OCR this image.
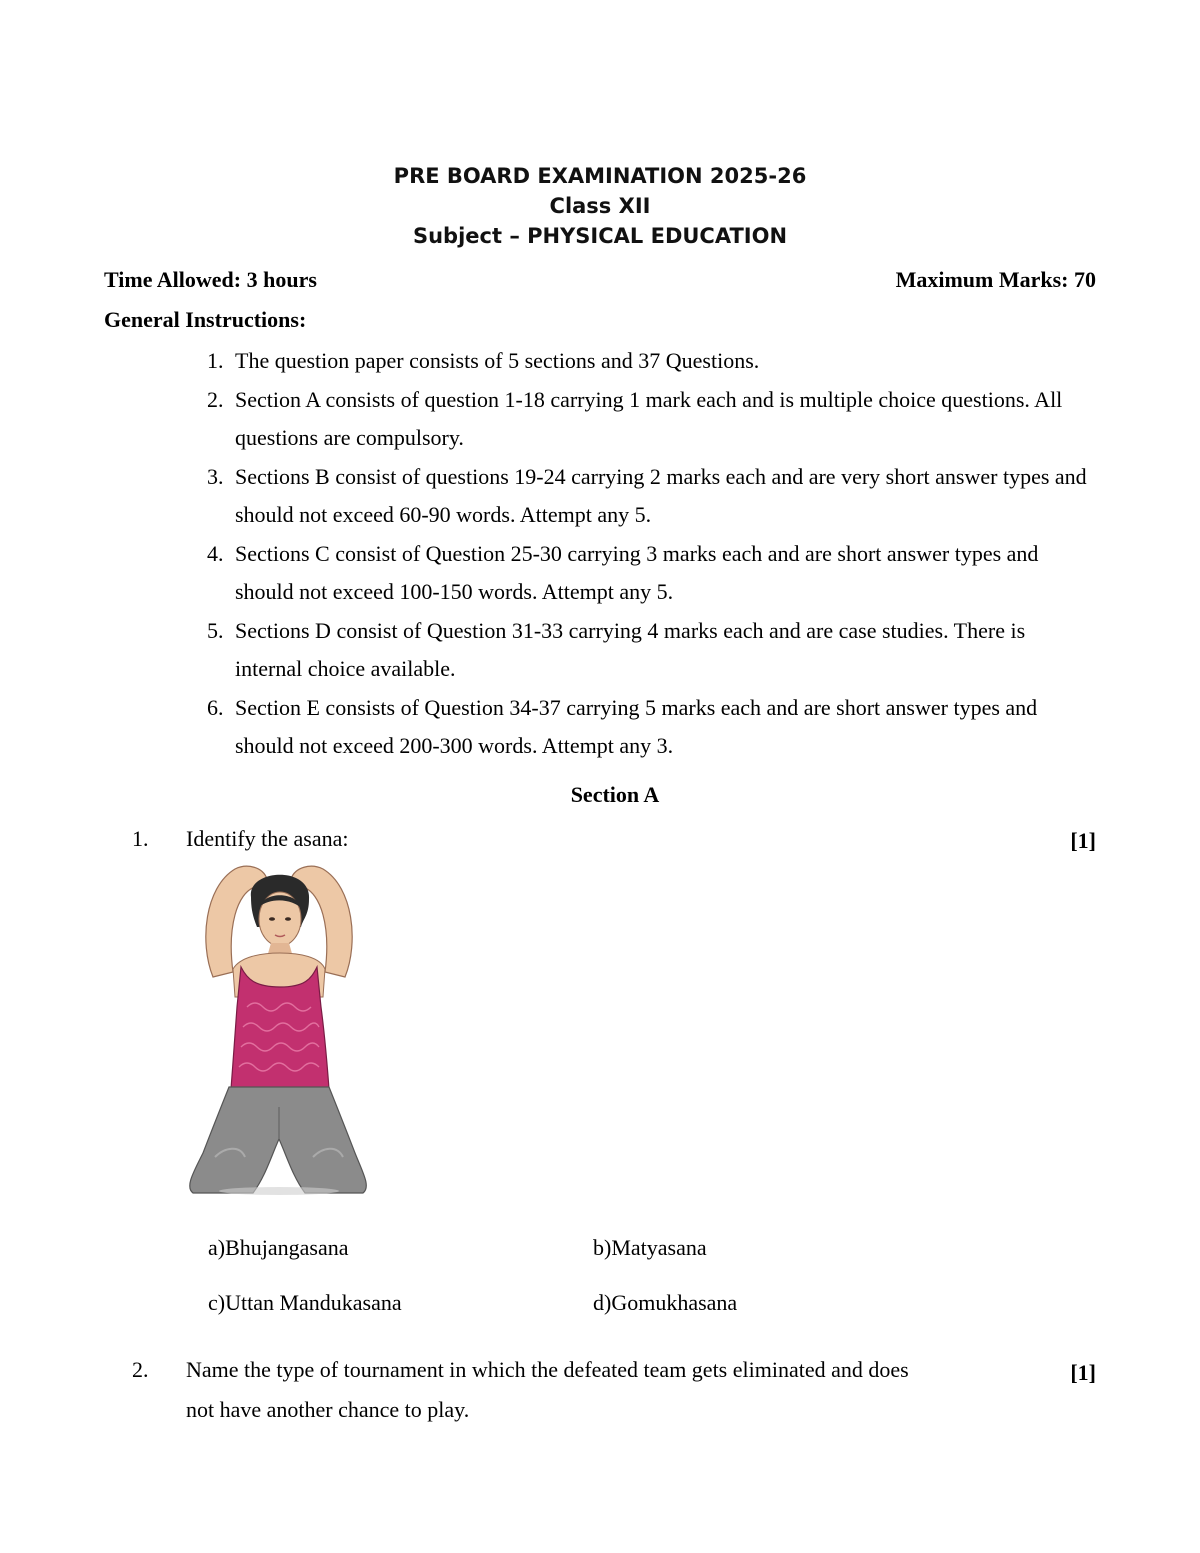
PRE BOARD EXAMINATION 2025-26
Class XII
Subject – PHYSICAL EDUCATION
Time Allowed: 3 hours	Maximum Marks: 70
General Instructions:
1. The question paper consists of 5 sections and 37 Questions.
2. Section A consists of question 1-18 carrying 1 mark each and is multiple choice questions. All questions are compulsory.
3. Sections B consist of questions 19-24 carrying 2 marks each and are very short answer types and should not exceed 60-90 words. Attempt any 5.
4. Sections C consist of Question 25-30 carrying 3 marks each and are short answer types and should not exceed 100-150 words. Attempt any 5.
5. Sections D consist of Question 31-33 carrying 4 marks each and are case studies. There is internal choice available.
6. Section E consists of Question 34-37 carrying 5 marks each and are short answer types and should not exceed 200-300 words. Attempt any 3.
Section A
1. Identify the asana:	[1]
a)Bhujangasana	b)Matyasana
c)Uttan Mandukasana	d)Gomukhasana
2. Name the type of tournament in which the defeated team gets eliminated and does
not have another chance to play.
[1]
